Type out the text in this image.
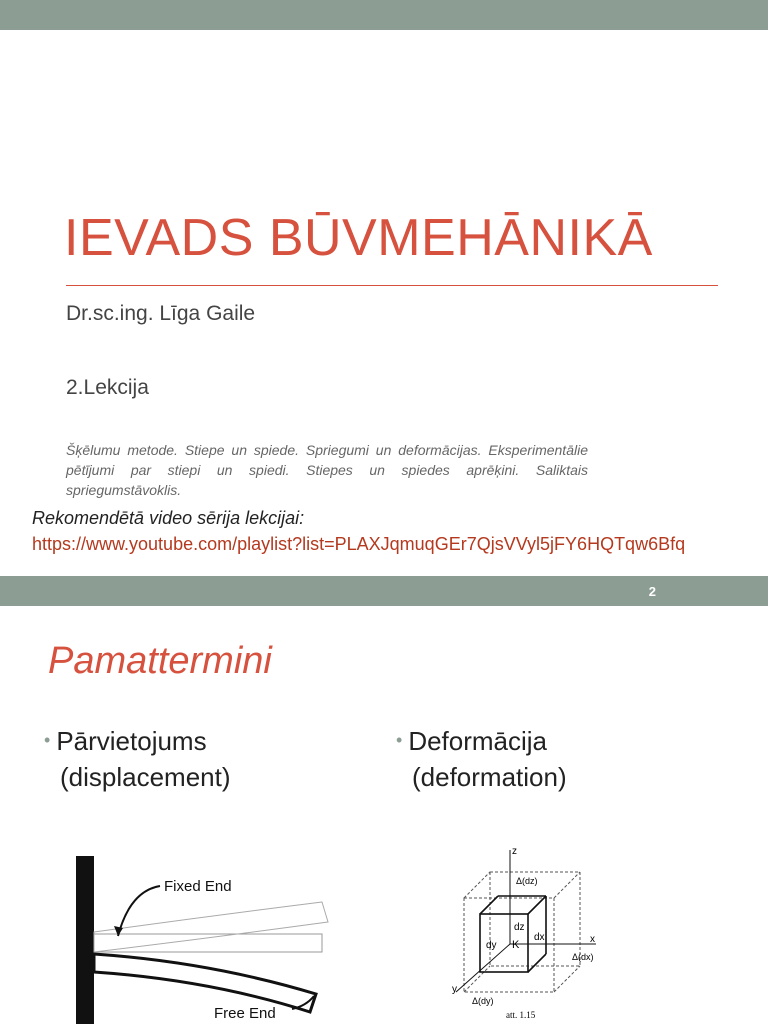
IEVADS BŪVMEHĀNIKĀ
Dr.sc.ing. Līga Gaile
2.Lekcija
Šķēlumu metode. Stiepe un spiede. Spriegumi un deformācijas. Eksperimentālie pētījumi par stiepi un spiedi. Stiepes un spiedes aprēķini. Saliktais spriegumstāvoklis.
Rekomendētā video sērija lekcijai:
https://www.youtube.com/playlist?list=PLAXJqmuqGEr7QjsVVyl5jFY6HQTqw6Bfq
2
Pamattermini
• Pārvietojums
(displacement)
• Deformācija
(deformation)
Fixed End
Free End
z
x
y
dz
dy K
dx
Δ(dz)
Δ(dx)
Δ(dy)
att. 1.15
